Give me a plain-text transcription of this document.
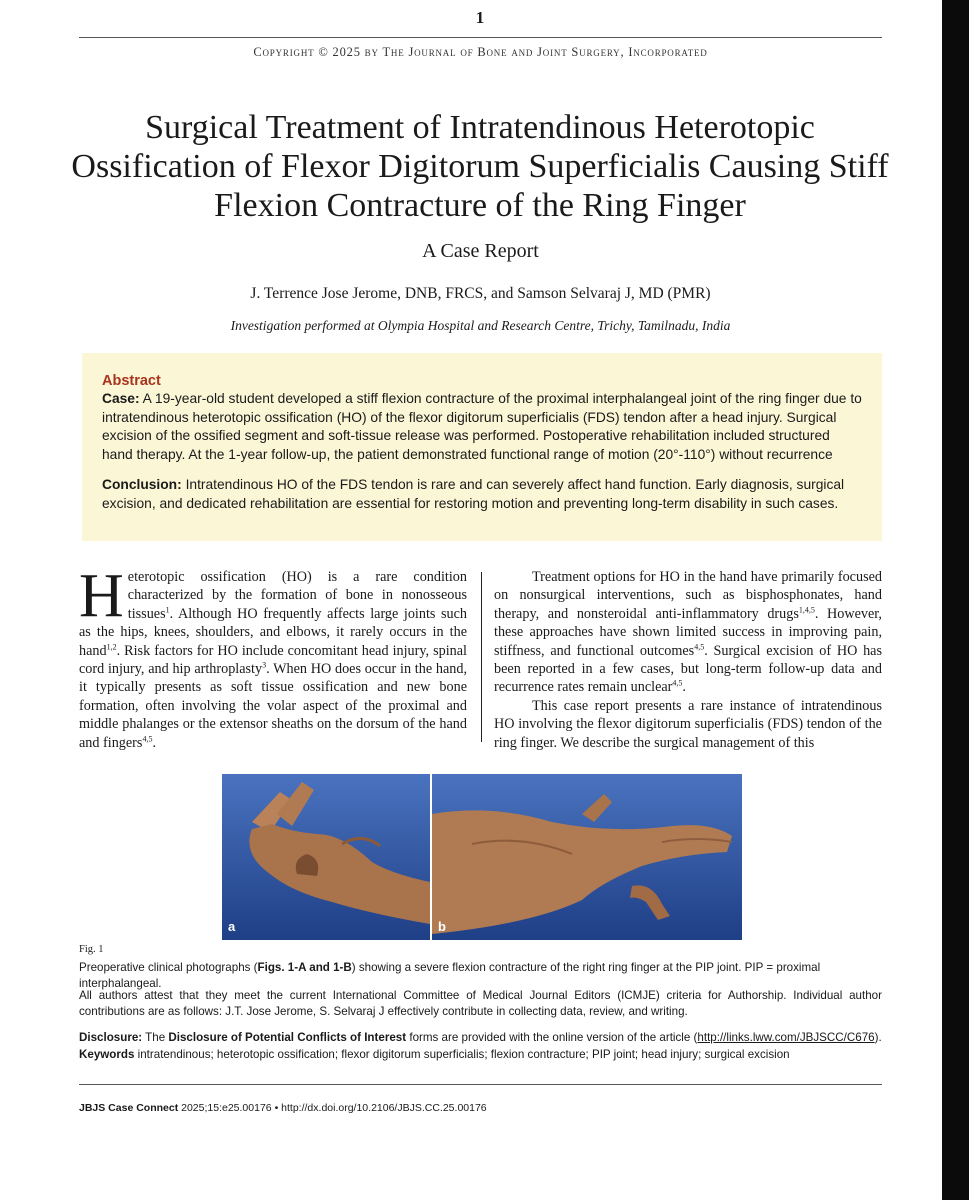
1
Copyright © 2025 by The Journal of Bone and Joint Surgery, Incorporated
Surgical Treatment of Intratendinous Heterotopic Ossification of Flexor Digitorum Superficialis Causing Stiff Flexion Contracture of the Ring Finger
A Case Report
J. Terrence Jose Jerome, DNB, FRCS, and Samson Selvaraj J, MD (PMR)
Investigation performed at Olympia Hospital and Research Centre, Trichy, Tamilnadu, India
Abstract

Case: A 19-year-old student developed a stiff flexion contracture of the proximal interphalangeal joint of the ring finger due to intratendinous heterotopic ossification (HO) of the flexor digitorum superficialis (FDS) tendon after a head injury. Surgical excision of the ossified segment and soft-tissue release was performed. Postoperative rehabilitation included structured hand therapy. At the 1-year follow-up, the patient demonstrated functional range of motion (20°-110°) without recurrence

Conclusion: Intratendinous HO of the FDS tendon is rare and can severely affect hand function. Early diagnosis, surgical excision, and dedicated rehabilitation are essential for restoring motion and preventing long-term disability in such cases.

Heterotopic ossification (HO) is a rare condition characterized by the formation of bone in nonosseous tissues$^1$. Although HO frequently affects large joints such as the hips, knees, shoulders, and elbows, it rarely occurs in the hand$^{1,2}$. Risk factors for HO include concomitant head injury, spinal cord injury, and hip arthroplasty$^3$. When HO does occur in the hand, it typically presents as soft tissue ossification and new bone formation, often involving the volar aspect of the proximal and middle phalanges or the extensor sheaths on the dorsum of the hand and fingers$^{4,5}$.

Treatment options for HO in the hand have primarily focused on nonsurgical interventions, such as bisphosphonates, hand therapy, and nonsteroidal anti-inflammatory drugs$^{1,4,5}$. However, these approaches have shown limited success in improving pain, stiffness, and functional outcomes$^{4,5}$. Surgical excision of HO has been reported in a few cases, but long-term follow-up data and recurrence rates remain unclear$^{4,5}$.

This case report presents a rare instance of intratendinous HO involving the flexor digitorum superficialis (FDS) tendon of the ring finger. We describe the surgical management of this

a	b
Fig. 1
Preoperative clinical photographs (Figs. 1-A and 1-B) showing a severe flexion contracture of the right ring finger at the PIP joint. PIP = proximal interphalangeal.
All authors attest that they meet the current International Committee of Medical Journal Editors (ICMJE) criteria for Authorship. Individual author contributions are as follows: J.T. Jose Jerome, S. Selvaraj J effectively contribute in collecting data, review, and writing.
Disclosure: The Disclosure of Potential Conflicts of Interest forms are provided with the online version of the article (http://links.lww.com/JBJSCC/C676).
Keywords intratendinous; heterotopic ossification; flexor digitorum superficialis; flexion contracture; PIP joint; head injury; surgical excision
JBJS Case Connect 2025;15:e25.00176 • http://dx.doi.org/10.2106/JBJS.CC.25.00176
